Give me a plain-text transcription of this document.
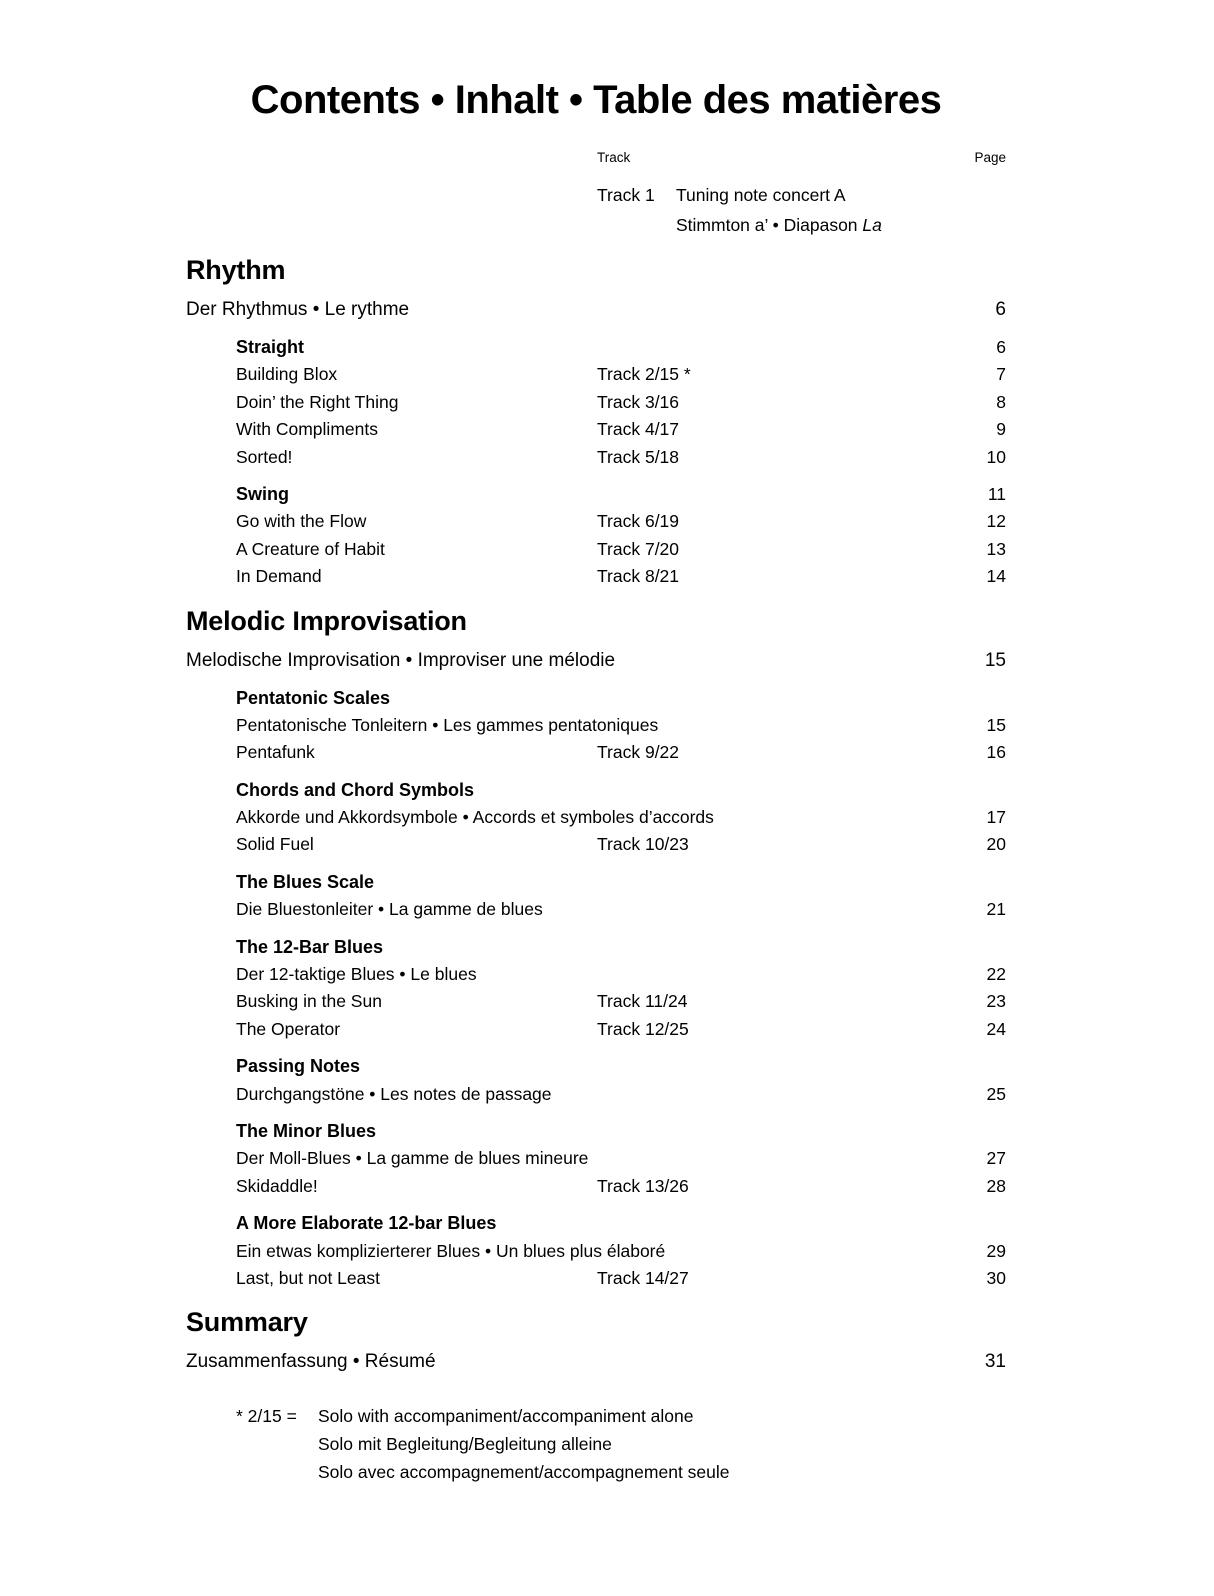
Contents • Inhalt • Table des matières
Track	Page
Track 1 Tuning note concert A
Stimmton a’ • Diapason La
Rhythm
Der Rhythmus • Le rythme	6
Straight	6
Building Blox	Track 2/15 *	7
Doin’ the Right Thing	Track 3/16	8
With Compliments	Track 4/17	9
Sorted!	Track 5/18	10
Swing	11
Go with the Flow	Track 6/19	12
A Creature of Habit	Track 7/20	13
In Demand	Track 8/21	14
Melodic Improvisation
Melodische Improvisation • Improviser une mélodie	15
Pentatonic Scales
Pentatonische Tonleitern • Les gammes pentatoniques	15
Pentafunk	Track 9/22	16
Chords and Chord Symbols
Akkorde und Akkordsymbole • Accords et symboles d’accords	17
Solid Fuel	Track 10/23	20
The Blues Scale
Die Bluestonleiter • La gamme de blues	21
The 12-Bar Blues
Der 12-taktige Blues • Le blues	22
Busking in the Sun	Track 11/24	23
The Operator	Track 12/25	24
Passing Notes
Durchgangstöne • Les notes de passage	25
The Minor Blues
Der Moll-Blues • La gamme de blues mineure	27
Skidaddle!	Track 13/26	28
A More Elaborate 12-bar Blues
Ein etwas komplizierterer Blues • Un blues plus élaboré	29
Last, but not Least	Track 14/27	30
Summary
Zusammenfassung • Résumé	31
* 2/15 =	Solo with accompaniment/accompaniment alone
Solo mit Begleitung/Begleitung alleine
Solo avec accompagnement/accompagnement seule
